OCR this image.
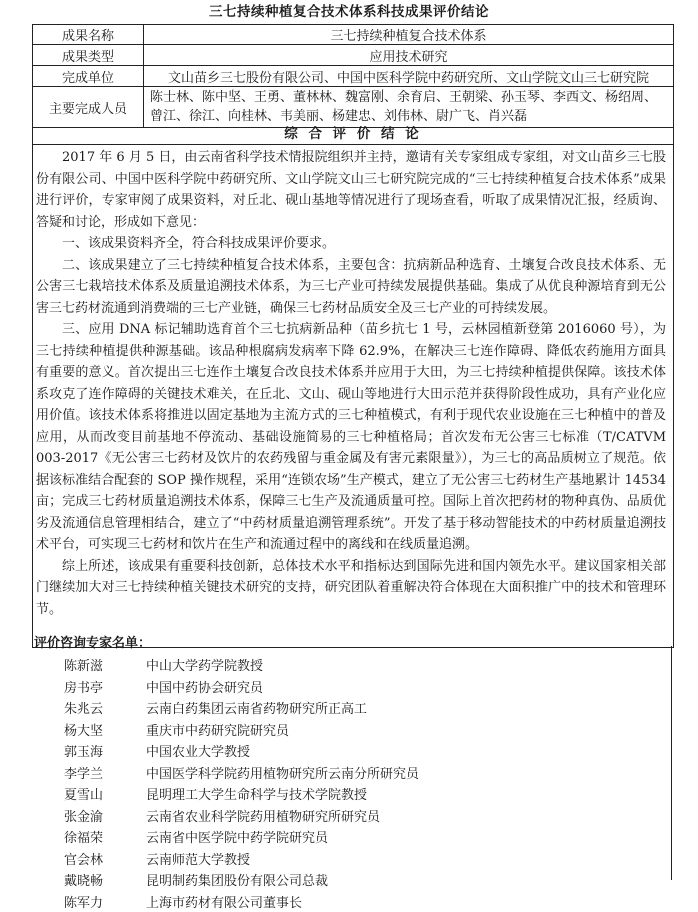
三七持续种植复合技术体系科技成果评价结论
成果名称	三七持续种植复合技术体系
成果类型	应用技术研究
完成单位	文山苗乡三七股份有限公司、中国中医科学院中药研究所、文山学院文山三七研究院
主要完成人员	陈士林、陈中坚、王勇、董林林、魏富刚、余育启、王朝梁、孙玉琴、李西文、杨绍周、曾江、徐江、向桂林、韦美丽、杨建忠、刘伟林、尉广飞、肖兴磊
综 合 评 价 结 论

2017 年 6 月 5 日，由云南省科学技术情报院组织并主持，邀请有关专家组成专家组，对文山苗乡三七股份有限公司、中国中医科学院中药研究所、文山学院文山三七研究院完成的“三七持续种植复合技术体系”成果进行评价，专家审阅了成果资料，对丘北、砚山基地等情况进行了现场查看，听取了成果情况汇报，经质询、答疑和讨论，形成如下意见：

一、该成果资料齐全，符合科技成果评价要求。

二、该成果建立了三七持续种植复合技术体系，主要包含：抗病新品种选育、土壤复合改良技术体系、无公害三七栽培技术体系及质量追溯技术体系，为三七产业可持续发展提供基础。集成了从优良种源培育到无公害三七药材流通到消费端的三七产业链，确保三七药材品质安全及三七产业的可持续发展。

三、应用 DNA 标记辅助选育首个三七抗病新品种（苗乡抗七 1 号，云林园植新登第 2016060 号），为三七持续种植提供种源基础。该品种根腐病发病率下降 62.9%，在解决三七连作障碍、降低农药施用方面具有重要的意义。首次提出三七连作土壤复合改良技术体系并应用于大田，为三七持续种植提供保障。该技术体系攻克了连作障碍的关键技术难关，在丘北、文山、砚山等地进行大田示范并获得阶段性成功，具有产业化应用价值。该技术体系将推进以固定基地为主流方式的三七种植模式，有利于现代农业设施在三七种植中的普及应用，从而改变目前基地不停流动、基础设施简易的三七种植格局；首次发布无公害三七标准（T/CATVM 003-2017《无公害三七药材及饮片的农药残留与重金属及有害元素限量》），为三七的高品质树立了规范。依据该标准结合配套的 SOP 操作规程，采用“连锁农场”生产模式，建立了无公害三七药材生产基地累计 14534 亩；完成三七药材质量追溯技术体系，保障三七生产及流通质量可控。国际上首次把药材的物种真伪、品质优劣及流通信息管理相结合，建立了“中药材质量追溯管理系统”。开发了基于移动智能技术的中药材质量追溯技术平台，可实现三七药材和饮片在生产和流通过程中的离线和在线质量追溯。

综上所述，该成果有重要科技创新，总体技术水平和指标达到国际先进和国内领先水平。建议国家相关部门继续加大对三七持续种植关键技术研究的支持，研究团队着重解决符合体现在大面积推广中的技术和管理环节。

评价咨询专家名单：
陈新滋	中山大学药学院教授
房书亭	中国中药协会研究员
朱兆云	云南白药集团云南省药物研究所正高工
杨大坚	重庆市中药研究院研究员
郭玉海	中国农业大学教授
李学兰	中国医学科学院药用植物研究所云南分所研究员
夏雪山	昆明理工大学生命科学与技术学院教授
张金渝	云南省农业科学院药用植物研究所研究员
徐福荣	云南省中医学院中药学院研究员
官会林	云南师范大学教授
戴晓畅	昆明制药集团股份有限公司总裁
陈军力	上海市药材有限公司董事长
